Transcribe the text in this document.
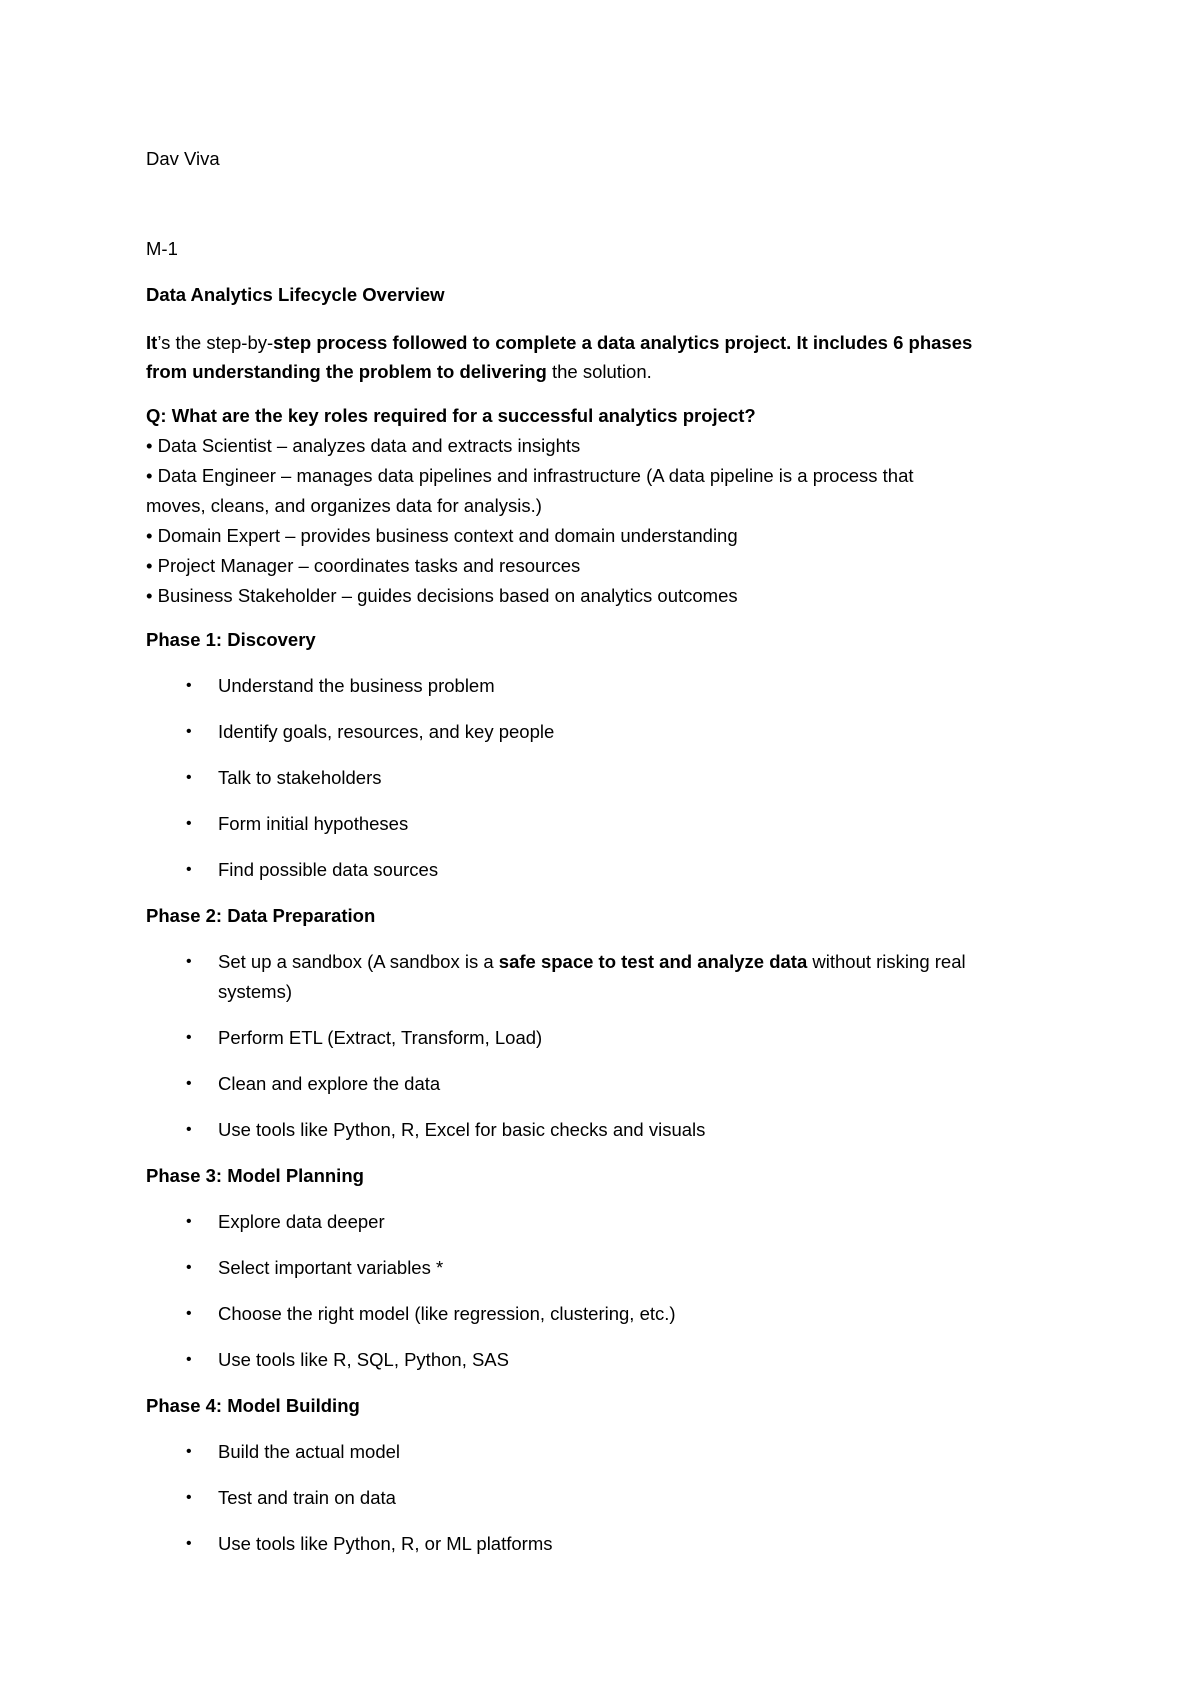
Dav Viva
M-1
Data Analytics Lifecycle Overview
It’s the step-by-step process followed to complete a data analytics project. It includes 6 phases
from understanding the problem to delivering the solution.
Q: What are the key roles required for a successful analytics project?
• Data Scientist – analyzes data and extracts insights
• Data Engineer – manages data pipelines and infrastructure (A data pipeline is a process that
moves, cleans, and organizes data for analysis.)
• Domain Expert – provides business context and domain understanding
• Project Manager – coordinates tasks and resources
• Business Stakeholder – guides decisions based on analytics outcomes
Phase 1: Discovery
• Understand the business problem
• Identify goals, resources, and key people
• Talk to stakeholders
• Form initial hypotheses
• Find possible data sources
Phase 2: Data Preparation
• Set up a sandbox (A sandbox is a safe space to test and analyze data without risking real
systems)
• Perform ETL (Extract, Transform, Load)
• Clean and explore the data
• Use tools like Python, R, Excel for basic checks and visuals
Phase 3: Model Planning
• Explore data deeper
• Select important variables *
• Choose the right model (like regression, clustering, etc.)
• Use tools like R, SQL, Python, SAS
Phase 4: Model Building
• Build the actual model
• Test and train on data
• Use tools like Python, R, or ML platforms
